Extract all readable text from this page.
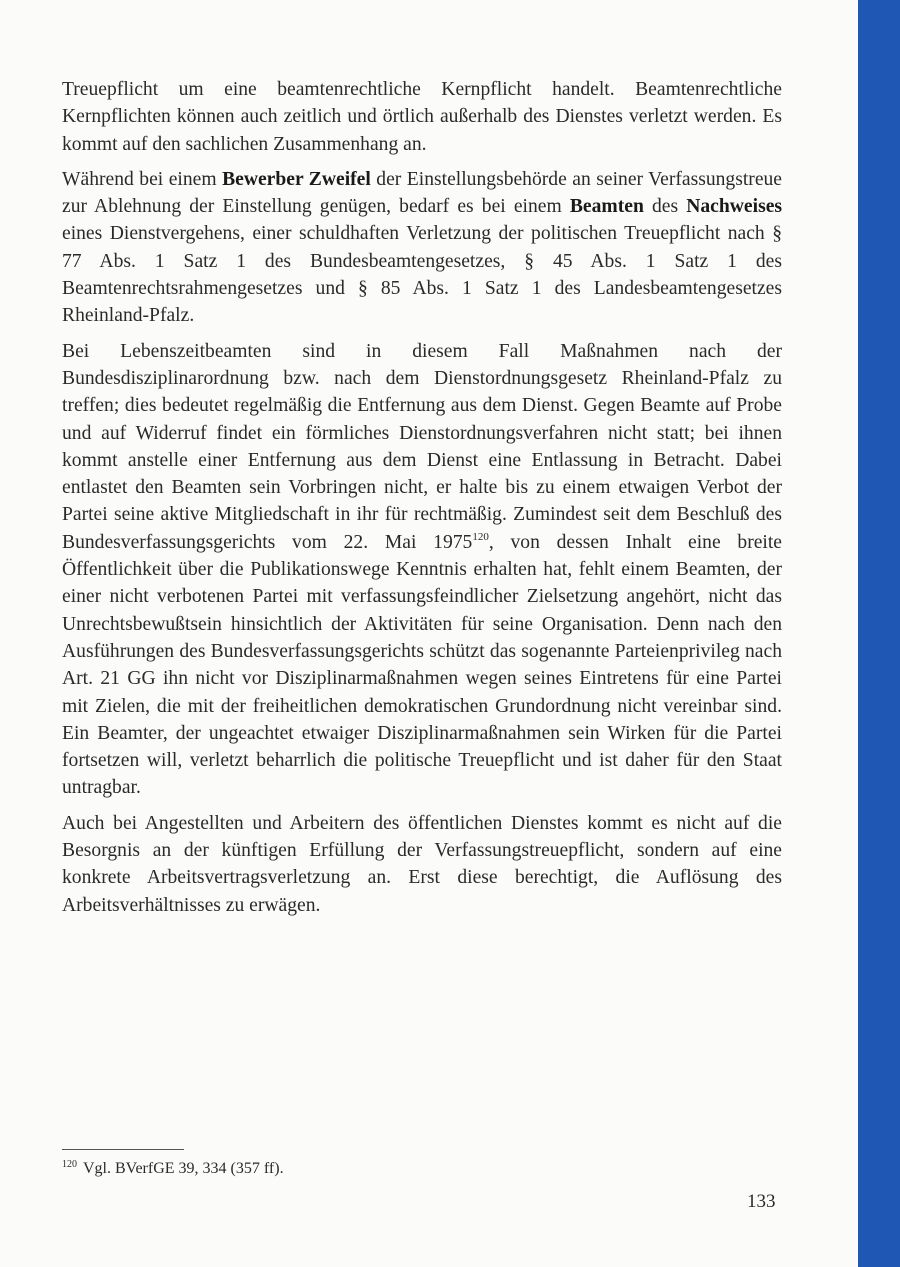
Treuepflicht um eine beamtenrechtliche Kernpflicht handelt. Beamtenrechtliche Kernpflichten können auch zeitlich und örtlich außerhalb des Dienstes verletzt werden. Es kommt auf den sachlichen Zusammenhang an.

Während bei einem Bewerber Zweifel der Einstellungsbehörde an seiner Verfassungstreue zur Ablehnung der Einstellung genügen, bedarf es bei einem Beamten des Nachweises eines Dienstvergehens, einer schuldhaften Verletzung der politischen Treuepflicht nach § 77 Abs. 1 Satz 1 des Bundesbeamtengesetzes, § 45 Abs. 1 Satz 1 des Beamtenrechtsrahmengesetzes und § 85 Abs. 1 Satz 1 des Landesbeamtengesetzes Rheinland-Pfalz.

Bei Lebenszeitbeamten sind in diesem Fall Maßnahmen nach der Bundesdisziplinarordnung bzw. nach dem Dienstordnungsgesetz Rheinland-Pfalz zu treffen; dies bedeutet regelmäßig die Entfernung aus dem Dienst. Gegen Beamte auf Probe und auf Widerruf findet ein förmliches Dienstordnungsverfahren nicht statt; bei ihnen kommt anstelle einer Entfernung aus dem Dienst eine Entlassung in Betracht. Dabei entlastet den Beamten sein Vorbringen nicht, er halte bis zu einem etwaigen Verbot der Partei seine aktive Mitgliedschaft in ihr für rechtmäßig. Zumindest seit dem Beschluß des Bundesverfassungsgerichts vom 22. Mai 1975$^{120}$, von dessen Inhalt eine breite Öffentlichkeit über die Publikationswege Kenntnis erhalten hat, fehlt einem Beamten, der einer nicht verbotenen Partei mit verfassungsfeindlicher Zielsetzung angehört, nicht das Unrechtsbewußtsein hinsichtlich der Aktivitäten für seine Organisation. Denn nach den Ausführungen des Bundesverfassungsgerichts schützt das sogenannte Parteienprivileg nach Art. 21 GG ihn nicht vor Disziplinarmaßnahmen wegen seines Eintretens für eine Partei mit Zielen, die mit der freiheitlichen demokratischen Grundordnung nicht vereinbar sind. Ein Beamter, der ungeachtet etwaiger Disziplinarmaßnahmen sein Wirken für die Partei fortsetzen will, verletzt beharrlich die politische Treuepflicht und ist daher für den Staat untragbar.

Auch bei Angestellten und Arbeitern des öffentlichen Dienstes kommt es nicht auf die Besorgnis an der künftigen Erfüllung der Verfassungstreuepflicht, sondern auf eine konkrete Arbeitsvertragsverletzung an. Erst diese berechtigt, die Auflösung des Arbeitsverhältnisses zu erwägen.

$^{120}$ Vgl. BVerfGE 39, 334 (357 ff).
133
